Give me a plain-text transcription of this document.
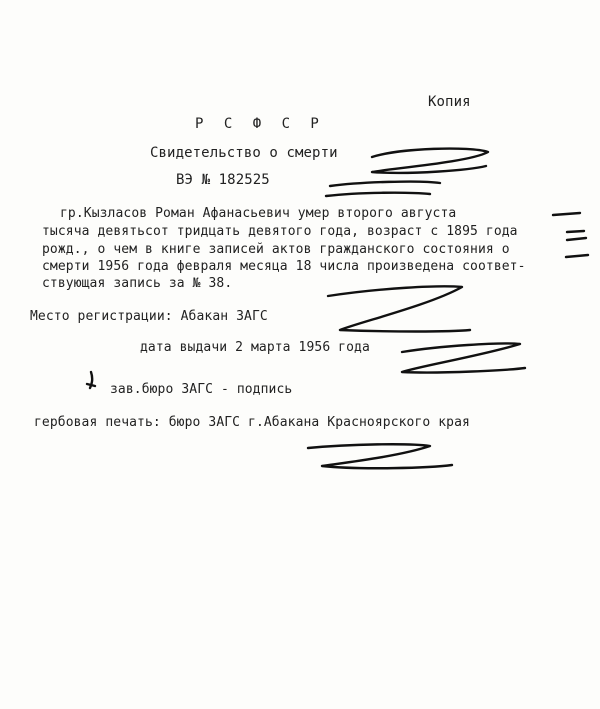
Копия
Р С Ф С Р
Свидетельство о смерти
ВЭ № 182525
гр.Кызласов Роман Афанасьевич умер второго августа
тысяча девятьсот тридцать девятого года, возраст с 1895 года
рожд., о чем в книге записей актов гражданского состояния о
смерти 1956 года февраля месяца 18 числа произведена соответ-
ствующая запись за № 38.
Место регистрации: Абакан ЗАГС
дата выдачи 2 марта 1956 года
зав.бюро ЗАГС - подпись
гербовая печать: бюро ЗАГС г.Абакана Красноярского края
